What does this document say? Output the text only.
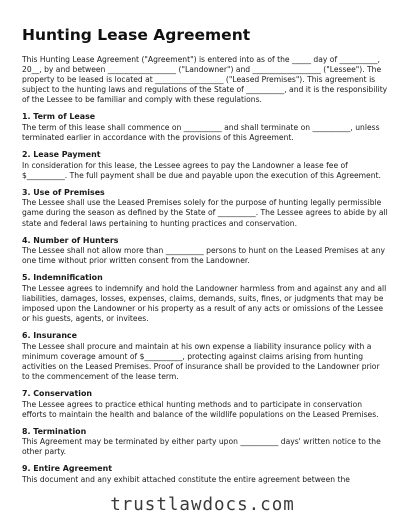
Hunting Lease Agreement

This Hunting Lease Agreement ("Agreement") is entered into as of the _____ day of __________, 20__, by and between __________________ ("Landowner") and __________________ ("Lessee"). The property to be leased is located at __________________ ("Leased Premises"). This agreement is subject to the hunting laws and regulations of the State of __________, and it is the responsibility of the Lessee to be familiar and comply with these regulations.

1. Term of Lease

The term of this lease shall commence on __________ and shall terminate on __________, unless terminated earlier in accordance with the provisions of this Agreement.

2. Lease Payment

In consideration for this lease, the Lessee agrees to pay the Landowner a lease fee of $__________. The full payment shall be due and payable upon the execution of this Agreement.

3. Use of Premises

The Lessee shall use the Leased Premises solely for the purpose of hunting legally permissible game during the season as defined by the State of __________. The Lessee agrees to abide by all state and federal laws pertaining to hunting practices and conservation.

4. Number of Hunters

The Lessee shall not allow more than __________ persons to hunt on the Leased Premises at any one time without prior written consent from the Landowner.

5. Indemnification

The Lessee agrees to indemnify and hold the Landowner harmless from and against any and all liabilities, damages, losses, expenses, claims, demands, suits, fines, or judgments that may be imposed upon the Landowner or his property as a result of any acts or omissions of the Lessee or his guests, agents, or invitees.

6. Insurance

The Lessee shall procure and maintain at his own expense a liability insurance policy with a minimum coverage amount of $__________, protecting against claims arising from hunting activities on the Leased Premises. Proof of insurance shall be provided to the Landowner prior to the commencement of the lease term.

7. Conservation

The Lessee agrees to practice ethical hunting methods and to participate in conservation efforts to maintain the health and balance of the wildlife populations on the Leased Premises.

8. Termination

This Agreement may be terminated by either party upon __________ days' written notice to the other party.

9. Entire Agreement

This document and any exhibit attached constitute the entire agreement between the

trustlawdocs.com
